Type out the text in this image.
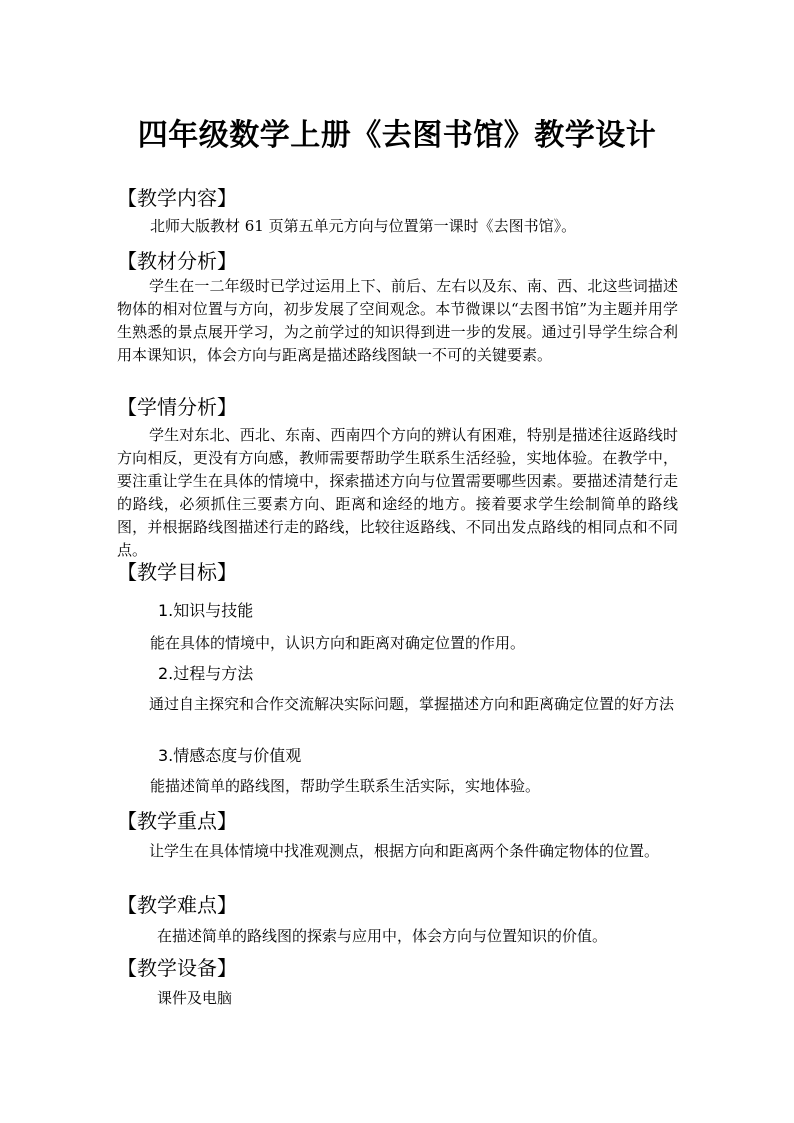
四年级数学上册《去图书馆》教学设计
【教学内容】
北师大版教材 61 页第五单元方向与位置第一课时《去图书馆》。
【教材分析】
学生在一二年级时已学过运用上下、前后、左右以及东、南、西、北这些词描述物体的相对位置与方向，初步发展了空间观念。本节微课以“去图书馆”为主题并用学生熟悉的景点展开学习，为之前学过的知识得到进一步的发展。通过引导学生综合利用本课知识，体会方向与距离是描述路线图缺一不可的关键要素。
【学情分析】
学生对东北、西北、东南、西南四个方向的辨认有困难，特别是描述往返路线时方向相反，更没有方向感，教师需要帮助学生联系生活经验，实地体验。在教学中，要注重让学生在具体的情境中，探索描述方向与位置需要哪些因素。要描述清楚行走的路线，必须抓住三要素方向、距离和途经的地方。接着要求学生绘制简单的路线图，并根据路线图描述行走的路线，比较往返路线、不同出发点路线的相同点和不同点。
【教学目标】
1.知识与技能
能在具体的情境中，认识方向和距离对确定位置的作用。
2.过程与方法
通过自主探究和合作交流解决实际问题，掌握描述方向和距离确定位置的好方法
3.情感态度与价值观
能描述简单的路线图，帮助学生联系生活实际，实地体验。
【教学重点】
让学生在具体情境中找准观测点，根据方向和距离两个条件确定物体的位置。
【教学难点】
在描述简单的路线图的探索与应用中，体会方向与位置知识的价值。
【教学设备】
课件及电脑
